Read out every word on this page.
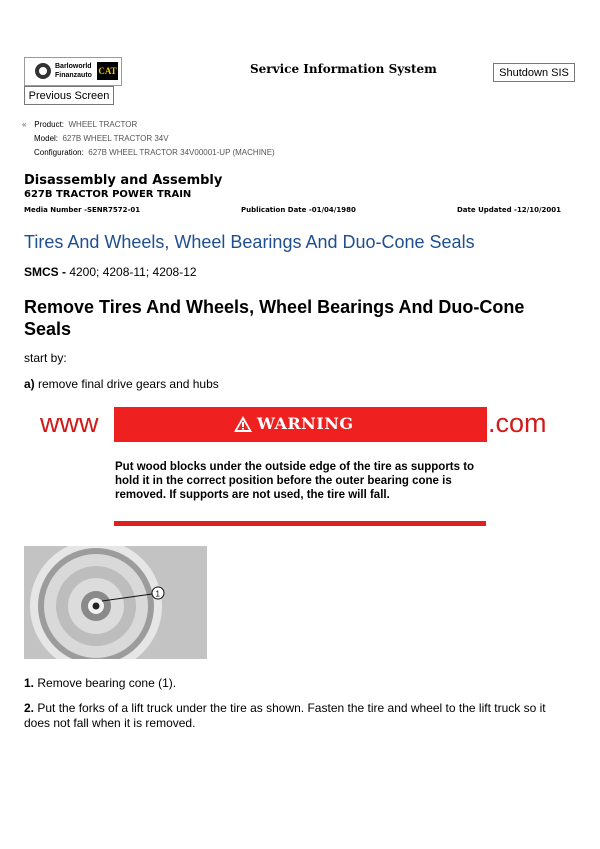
Barloworld
Finanzauto CAT	Service Information System	Shutdown SIS
Previous Screen
« Product: WHEEL TRACTOR
Model: 627B WHEEL TRACTOR 34V
Configuration: 627B WHEEL TRACTOR 34V00001-UP (MACHINE)
Disassembly and Assembly
627B TRACTOR POWER TRAIN
Media Number -SENR7572-01	Publication Date -01/04/1980	Date Updated -12/10/2001
Tires And Wheels, Wheel Bearings And Duo-Cone Seals
SMCS - 4200; 4208-11; 4208-12
Remove Tires And Wheels, Wheel Bearings And Duo-Cone Seals
start by:
a) remove final drive gears and hubs
www	WARNING	.com
Put wood blocks under the outside edge of the tire as supports to hold it in the correct position before the outer bearing cone is removed. If supports are not used, the tire will fall.
1
1. Remove bearing cone (1).
2. Put the forks of a lift truck under the tire as shown. Fasten the tire and wheel to the lift truck so it does not fall when it is removed.
